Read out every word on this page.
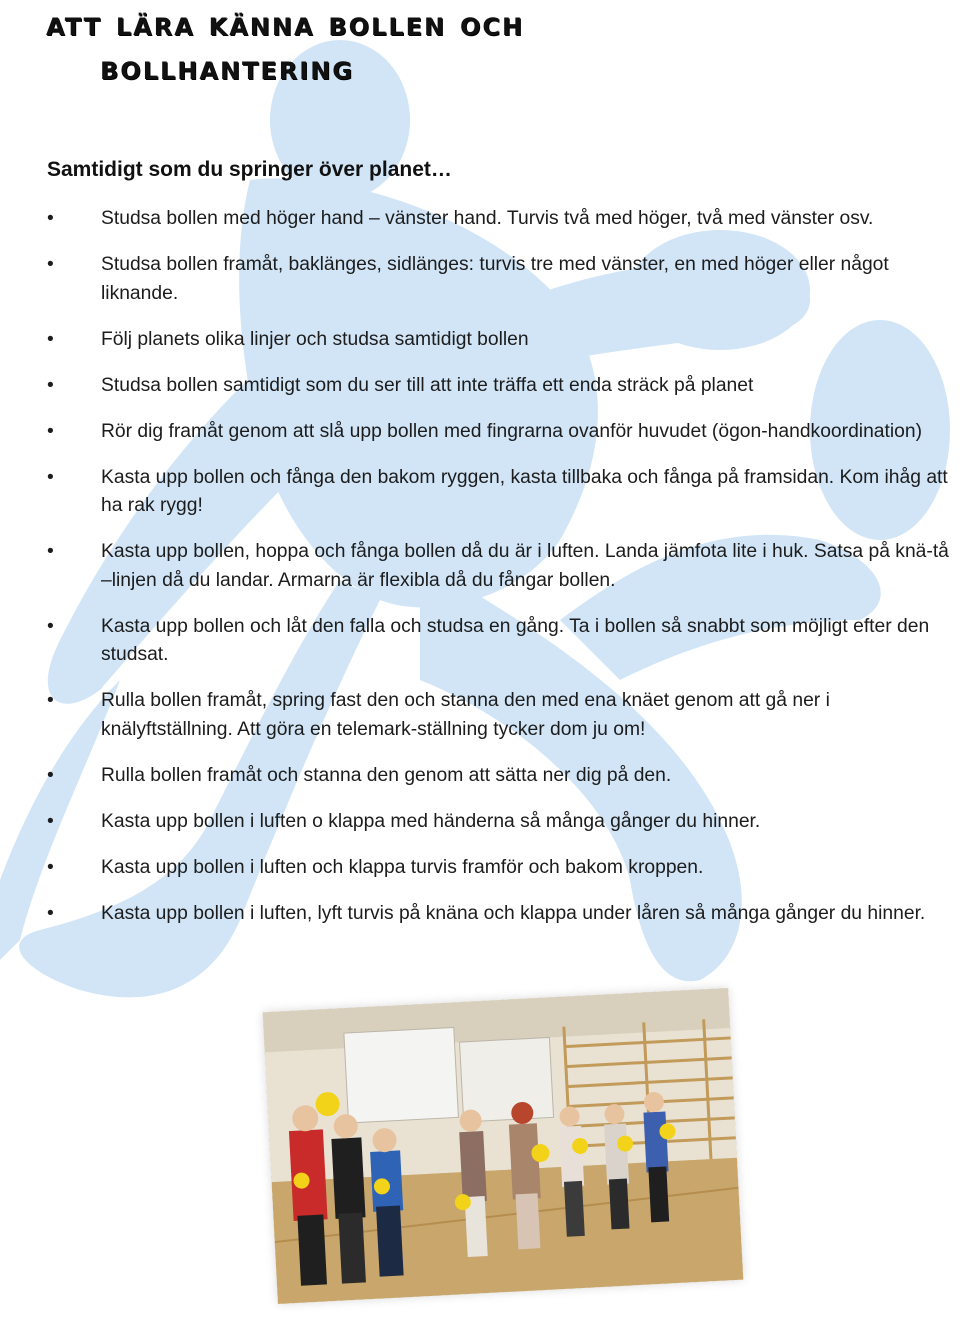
att lära känna bollen och
bollhantering
Samtidigt som du springer över planet…
• Studsa bollen med höger hand – vänster hand. Turvis två med höger, två med vänster osv.
• Studsa bollen framåt, baklänges, sidlänges: turvis tre med vänster, en med höger eller något liknande.
• Följ planets olika linjer och studsa samtidigt bollen
• Studsa bollen samtidigt som du ser till att inte träffa ett enda sträck på planet
• Rör dig framåt genom att slå upp bollen med fingrarna ovanför huvudet (ögon-handkoordination)
• Kasta upp bollen och fånga den bakom ryggen, kasta tillbaka och fånga på framsidan. Kom ihåg att ha rak rygg!
• Kasta upp bollen, hoppa och fånga bollen då du är i luften. Landa jämfota lite i huk. Satsa på knä-tå –linjen då du landar. Armarna är flexibla då du fångar bollen.
• Kasta upp bollen och låt den falla och studsa en gång. Ta i bollen så snabbt som möjligt efter den studsat.
• Rulla bollen framåt, spring fast den och stanna den med ena knäet genom att gå ner i knälyftställning. Att göra en telemark-ställning tycker dom ju om!
• Rulla bollen framåt och stanna den genom att sätta ner dig på den.
• Kasta upp bollen i luften o klappa med händerna så många gånger du hinner.
• Kasta upp bollen i luften och klappa turvis framför och bakom kroppen.
• Kasta upp bollen i luften, lyft turvis på knäna och klappa under låren så många gånger du hinner.
